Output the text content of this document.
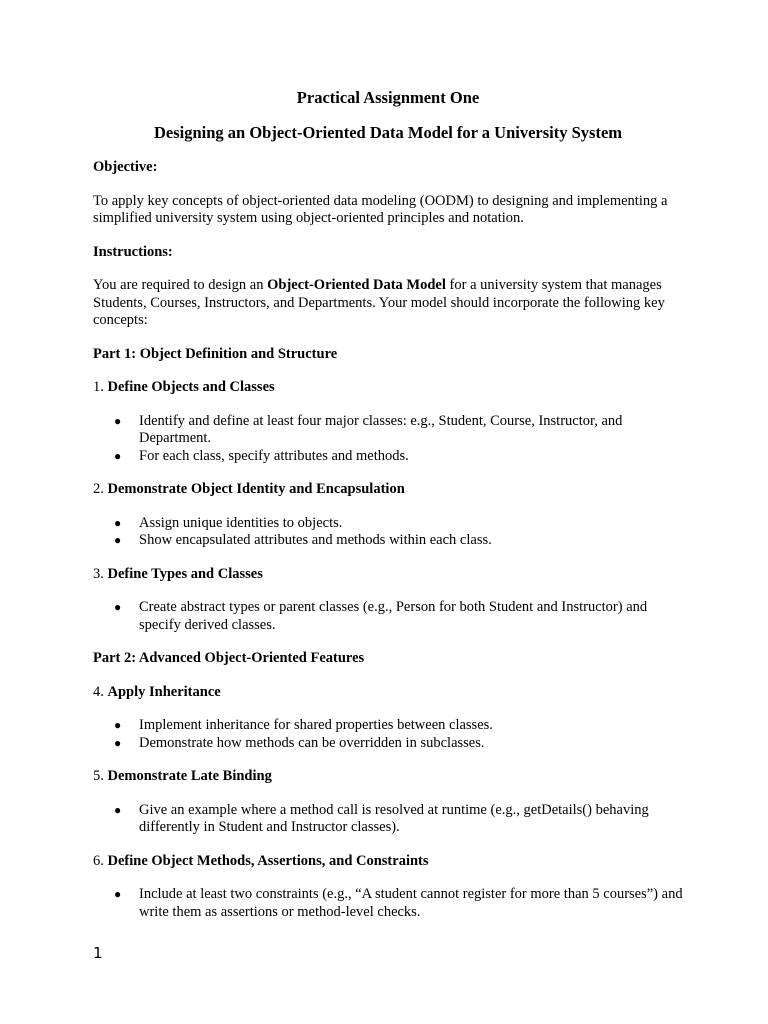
Practical Assignment One
Designing an Object-Oriented Data Model for a University System

Objective:

To apply key concepts of object-oriented data modeling (OODM) to designing and implementing a simplified university system using object-oriented principles and notation.

Instructions:

You are required to design an Object-Oriented Data Model for a university system that manages Students, Courses, Instructors, and Departments. Your model should incorporate the following key concepts:

Part 1: Object Definition and Structure

1. Define Objects and Classes

● Identify and define at least four major classes: e.g., Student, Course, Instructor, and Department.
● For each class, specify attributes and methods.

2. Demonstrate Object Identity and Encapsulation

● Assign unique identities to objects.
● Show encapsulated attributes and methods within each class.

3. Define Types and Classes

● Create abstract types or parent classes (e.g., Person for both Student and Instructor) and specify derived classes.

Part 2: Advanced Object-Oriented Features

4. Apply Inheritance

● Implement inheritance for shared properties between classes.
● Demonstrate how methods can be overridden in subclasses.

5. Demonstrate Late Binding

● Give an example where a method call is resolved at runtime (e.g., getDetails() behaving differently in Student and Instructor classes).

6. Define Object Methods, Assertions, and Constraints

● Include at least two constraints (e.g., “A student cannot register for more than 5 courses”) and write them as assertions or method-level checks.
1
